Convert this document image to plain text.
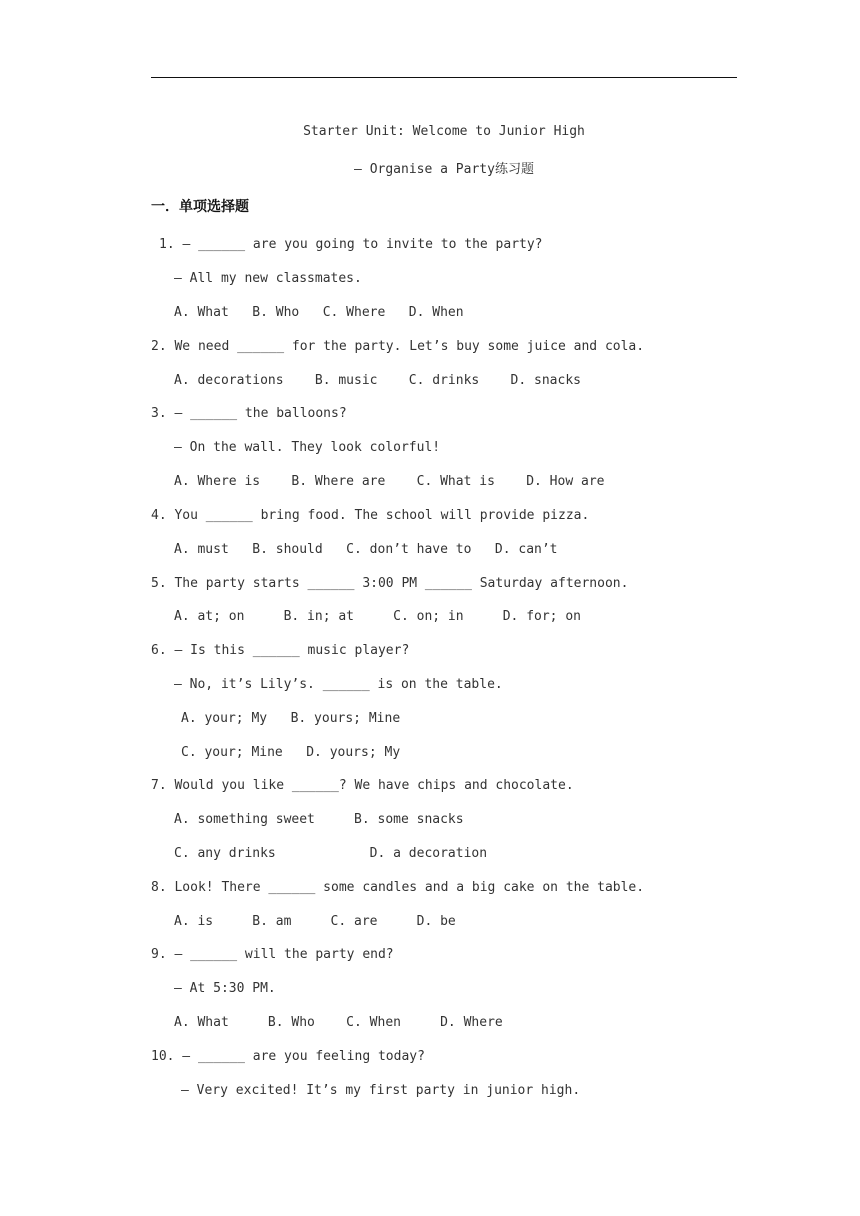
Starter Unit: Welcome to Junior High
– Organise a Party练习题
一．单项选择题
1. — ______ are you going to invite to the party?
— All my new classmates.
A. What   B. Who   C. Where   D. When
2. We need ______ for the party. Let’s buy some juice and cola.
A. decorations    B. music    C. drinks    D. snacks
3. — ______ the balloons?
— On the wall. They look colorful!
A. Where is    B. Where are    C. What is    D. How are
4. You ______ bring food. The school will provide pizza.
A. must   B. should   C. don’t have to   D. can’t
5. The party starts ______ 3:00 PM ______ Saturday afternoon.
A. at; on     B. in; at     C. on; in     D. for; on
6. — Is this ______ music player?
— No, it’s Lily’s. ______ is on the table.
A. your; My   B. yours; Mine
C. your; Mine   D. yours; My
7. Would you like ______? We have chips and chocolate.
A. something sweet     B. some snacks
C. any drinks            D. a decoration
8. Look! There ______ some candles and a big cake on the table.
A. is     B. am     C. are     D. be
9. — ______ will the party end?
— At 5:30 PM.
A. What     B. Who    C. When     D. Where
10. — ______ are you feeling today?
— Very excited! It’s my first party in junior high.
